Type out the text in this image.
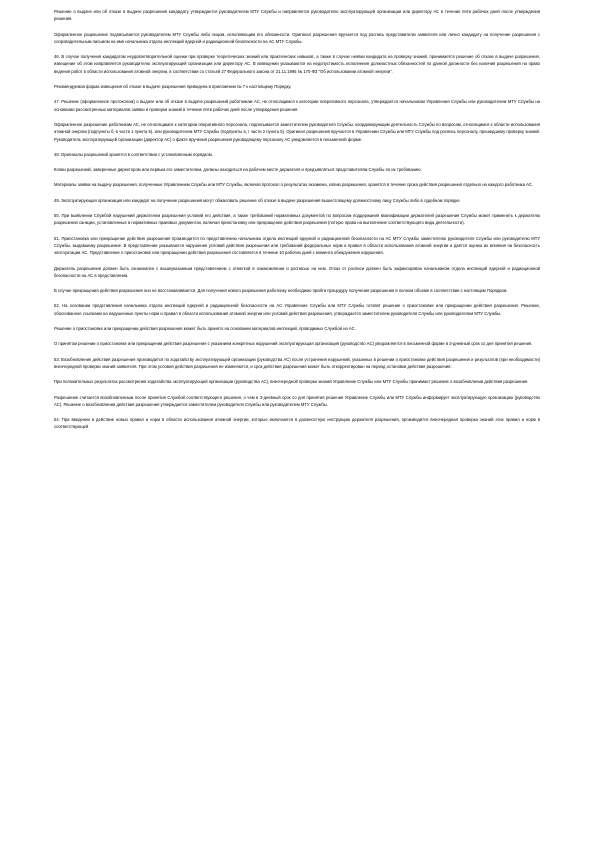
Решение о выдаче или об отказе в выдаче разрешения кандидату утверждается руководителем МТУ Службы и направляется руководителю эксплуатирующей организации или директору АС в течение пяти рабочих дней после утверждения решения.

Оформленное разрешение подписывается руководителем МТУ Службы либо лицом, исполняющим его обязанности. Оригинал разрешения вручается под роспись представителю заявителя или лично кандидату на получение разрешения с сопроводительным письмом на имя начальника отдела инспекций ядерной и радиационной безопасности на АС МТУ Службы.

46. В случае получения кандидатом неудовлетворительной оценки при проверке теоретических знаний или практических навыков, а также в случае неявки кандидата на проверку знаний, принимается решение об отказе в выдаче разрешения, извещение об этом направляется руководителю эксплуатирующей организации или директору АС. В извещении указываются на недопустимость исполнения должностных обязанностей по данной должности без наличия разрешения на право ведения работ в области использования атомной энергии, в соответствии со статьей 27 Федерального закона от 21.11.1995 № 170-ФЗ "Об использовании атомной энергии".

Рекомендуемая форма извещения об отказе в выдаче разрешения приведена в приложении № 7 к настоящему Порядку.

47. Решение (оформленное протоколом) о выдаче или об отказе в выдаче разрешений работникам АС, не относящимся к категории оперативного персонала, утверждается начальником Управления Службы или руководителем МТУ Службы на основании рассмотренных материалов заявки и проверки знаний в течение пяти рабочих дней после утверждения решения.

Оформленное разрешение работникам АС, не относящимся к категории оперативного персонала, подписывается заместителем руководителя Службы, координирующим деятельность Службы по вопросам, относящимся к области использования атомной энергии (подпункты б, в части 1 пункта 5), или руководителем МТУ Службы (подпункты в, г части 2 пункта 5). Оригинал разрешения вручается в Управлении Службы или МТУ Службы под роспись персоналу, прошедшему проверку знаний. Руководитель эксплуатирующей организации (директор АС) о факте вручения разрешения руководящему персоналу АС уведомляется в письменной форме.

48. Оригиналы разрешений хранятся в соответствии с установленным порядком.

Копии разрешений, заверенные директором или первым его заместителем, должны находиться на рабочем месте держателя и предъявляться представителям Службы по их требованию.

Материалы заявки на выдачу разрешения, полученные Управлением Службы или МТУ Службы, включая протокол о результатах экзамена, копию разрешения, хранятся в течение срока действия разрешения отдельно на каждого работника АС.

49. Эксплуатирующая организация или кандидат на получение разрешения могут обжаловать решение об отказе в выдаче разрешения вышестоящему должностному лицу Службы либо в судебном порядке.

50. При выявлении Службой нарушений держателем разрешения условий его действия, а также требований нормативных документов по вопросам поддержания квалификации держателей разрешения Службы может применить к держателю разрешения санкции, установленные в нормативных правовых документах, включая приостановку или прекращение действия разрешения (потерю права на выполнение соответствующего вида деятельности).

51. Приостановка или прекращение действия разрешения производится по представлению начальника отдела инспекций ядерной и радиационной безопасности на АС МТУ Службы заместителю руководителя Службы или руководителю МТУ Службы, выдавшему разрешение. В представлении указываются нарушения условий действия разрешения или требований федеральных норм и правил в области использования атомной энергии и даётся оценка их влияния на безопасность эксплуатации АС. Представление о приостановке или прекращении действия разрешения составляется в течение 10 рабочих дней с момента обнаружения нарушения.

Держатель разрешения должен быть ознакомлен с вышеуказанным представлением с отметкой в ознакомлении и росписью на нем. Отказ от росписи должен быть зафиксирован начальником отдела инспекций ядерной и радиационной безопасности на АС в представлении.

В случае прекращения действия разрешения оно не восстанавливается. Для получения нового разрешения работнику необходимо пройти процедуру получения разрешения в полном объеме в соответствии с настоящим Порядком.

52. На основании представления начальника отдела инспекций ядерной и радиационной безопасности на АС Управление Службы или МТУ Службы готовят решение о приостановке или прекращении действия разрешения. Решение, обоснованное ссылками на нарушенные пункты норм и правил в области использования атомной энергии или условий действия разрешения, утверждается заместителем руководителя Службы или руководителем МТУ Службы.

Решение о приостановке или прекращении действия разрешения может быть принято на основании материалов инспекций, проводимых Службой на АС.

О принятом решении о приостановке или прекращении действия разрешения с указанием конкретных нарушений эксплуатирующая организация (руководство АС) уведомляется в письменной форме в 3-дневный срок со дня принятия решения.

53. Возобновление действия разрешения производится по ходатайству эксплуатирующей организации (руководства АС) после устранения нарушений, указанных в решении о приостановке действия разрешения и результатов (при необходимости) внеочередной проверки знаний заявителя. При этом условия действия разрешения не изменяются, и срок действия разрешения может быть откорректирован на период остановки действия разрешения.

При положительных результатах рассмотрения ходатайства эксплуатирующей организации (руководства АС), внеочередной проверки знаний Управление Службы или МТУ Службы принимает решение о возобновлении действия разрешения.

Разрешение считается возобновленным после принятия Службой соответствующего решения, о чем в 3-дневный срок со дня принятия решения Управление Службы или МТУ Службы информирует эксплуатирующую организацию (руководство АС). Решение о возобновлении действия разрешения утверждается заместителем руководителя Службы или руководителем МТУ Службы.

54. При введении в действие новых правил и норм в области использования атомной энергии, которые включаются в должностную инструкцию держателя разрешения, производится внеочередная проверка знаний этих правил и норм в соответствующей
